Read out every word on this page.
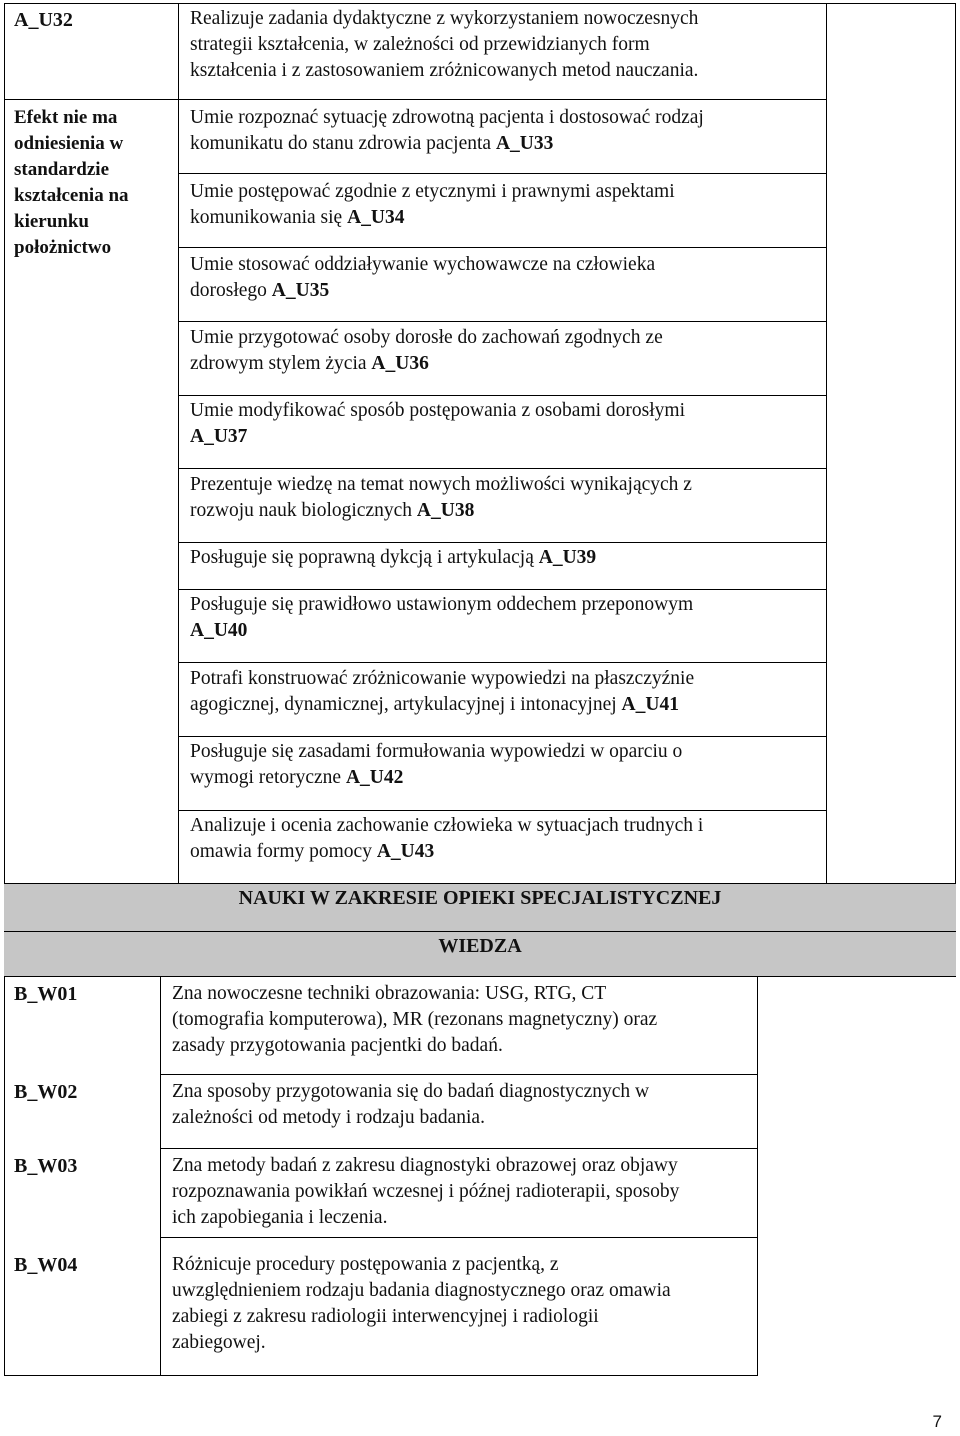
A_U32
Efekt nie ma
odniesienia w
standardzie
kształcenia na
kierunku
położnictwo
Realizuje zadania dydaktyczne z wykorzystaniem nowoczesnych
strategii kształcenia, w zależności od przewidzianych form
kształcenia i z zastosowaniem zróżnicowanych metod nauczania.
Umie rozpoznać sytuację zdrowotną pacjenta i dostosować rodzaj
komunikatu do stanu zdrowia pacjenta A_U33
Umie postępować zgodnie z etycznymi i prawnymi aspektami
komunikowania się A_U34
Umie stosować oddziaływanie wychowawcze na człowieka
dorosłego A_U35
Umie przygotować osoby dorosłe do zachowań zgodnych ze
zdrowym stylem życia A_U36
Umie modyfikować sposób postępowania z osobami dorosłymi
A_U37
Prezentuje wiedzę na temat nowych możliwości wynikających z
rozwoju nauk biologicznych A_U38
Posługuje się poprawną dykcją i artykulacją A_U39
Posługuje się prawidłowo ustawionym oddechem przeponowym
A_U40
Potrafi konstruować zróżnicowanie wypowiedzi na płaszczyźnie
agogicznej, dynamicznej, artykulacyjnej i intonacyjnej A_U41
Posługuje się zasadami formułowania wypowiedzi w oparciu o
wymogi retoryczne A_U42
Analizuje i ocenia zachowanie człowieka w sytuacjach trudnych i
omawia formy pomocy A_U43
NAUKI W ZAKRESIE OPIEKI SPECJALISTYCZNEJ
WIEDZA
B_W01
B_W02
B_W03
B_W04
Zna nowoczesne techniki obrazowania: USG, RTG, CT
(tomografia komputerowa), MR (rezonans magnetyczny) oraz
zasady przygotowania pacjentki do badań.
Zna sposoby przygotowania się do badań diagnostycznych w
zależności od metody i rodzaju badania.
Zna metody badań z zakresu diagnostyki obrazowej oraz objawy
rozpoznawania powikłań wczesnej i późnej radioterapii, sposoby
ich zapobiegania i leczenia.
Różnicuje procedury postępowania z pacjentką, z
uwzględnieniem rodzaju badania diagnostycznego oraz omawia
zabiegi z zakresu radiologii interwencyjnej i radiologii
zabiegowej.
7
